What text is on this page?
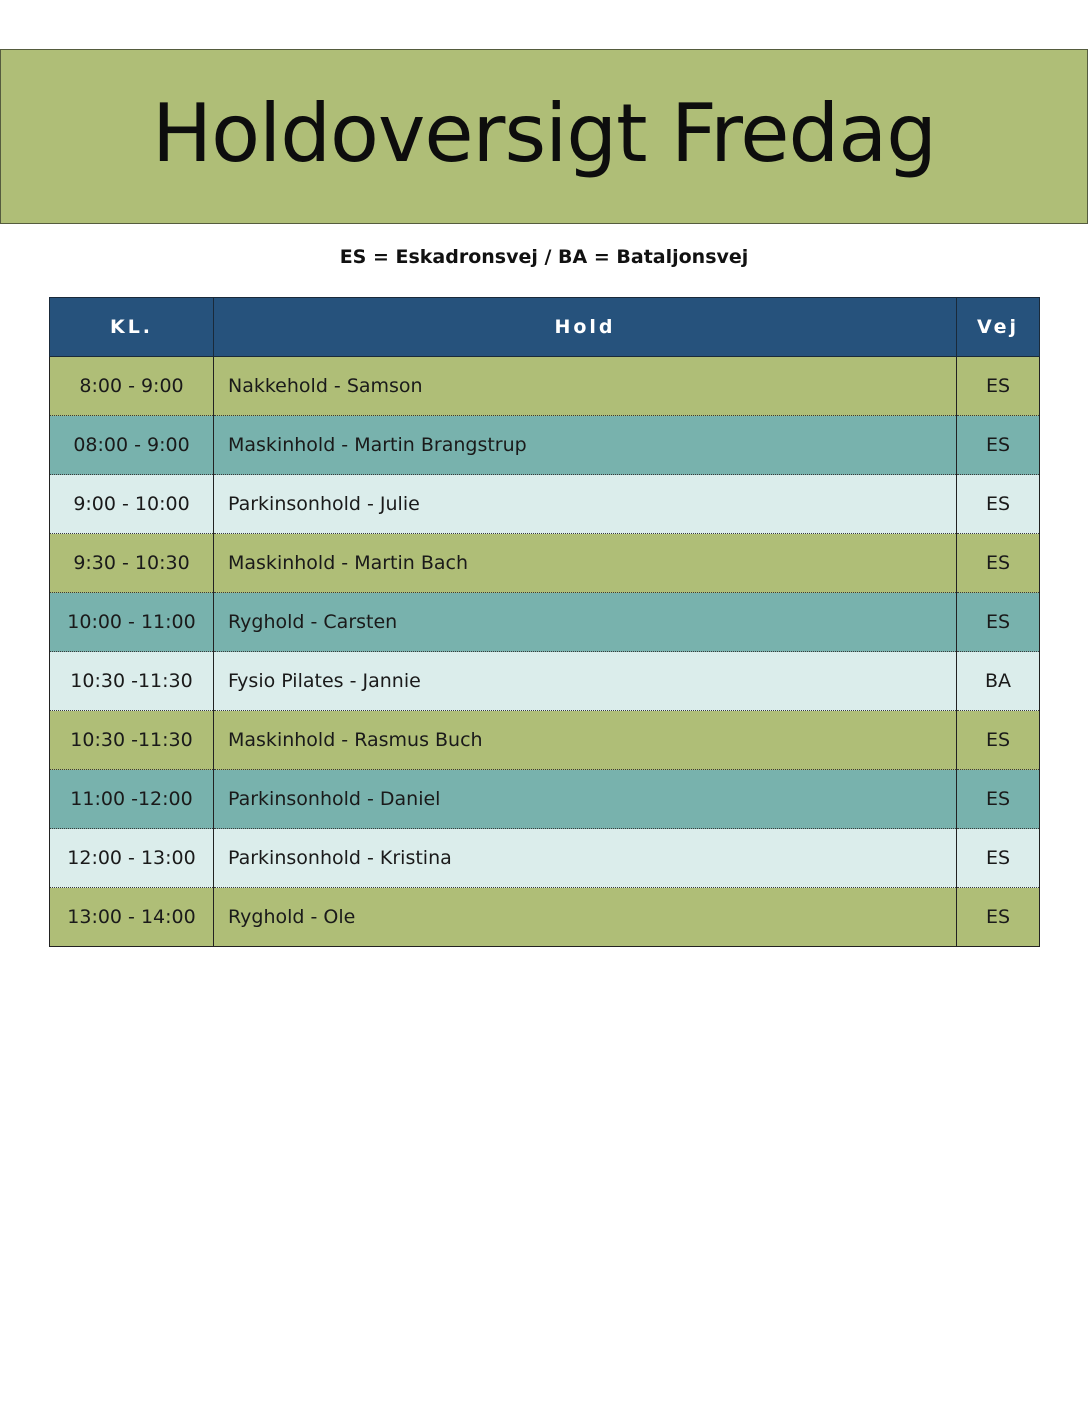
Holdoversigt Fredag
ES = Eskadronsvej / BA = Bataljonsvej
KL.	Hold	Vej
8:00 - 9:00	Nakkehold - Samson	ES
08:00 - 9:00	Maskinhold - Martin Brangstrup	ES
9:00 - 10:00	Parkinsonhold - Julie	ES
9:30 - 10:30	Maskinhold - Martin Bach	ES
10:00 - 11:00	Ryghold - Carsten	ES
10:30 -11:30	Fysio Pilates - Jannie	BA
10:30 -11:30	Maskinhold - Rasmus Buch	ES
11:00 -12:00	Parkinsonhold - Daniel	ES
12:00 - 13:00	Parkinsonhold - Kristina	ES
13:00 - 14:00	Ryghold - Ole	ES
